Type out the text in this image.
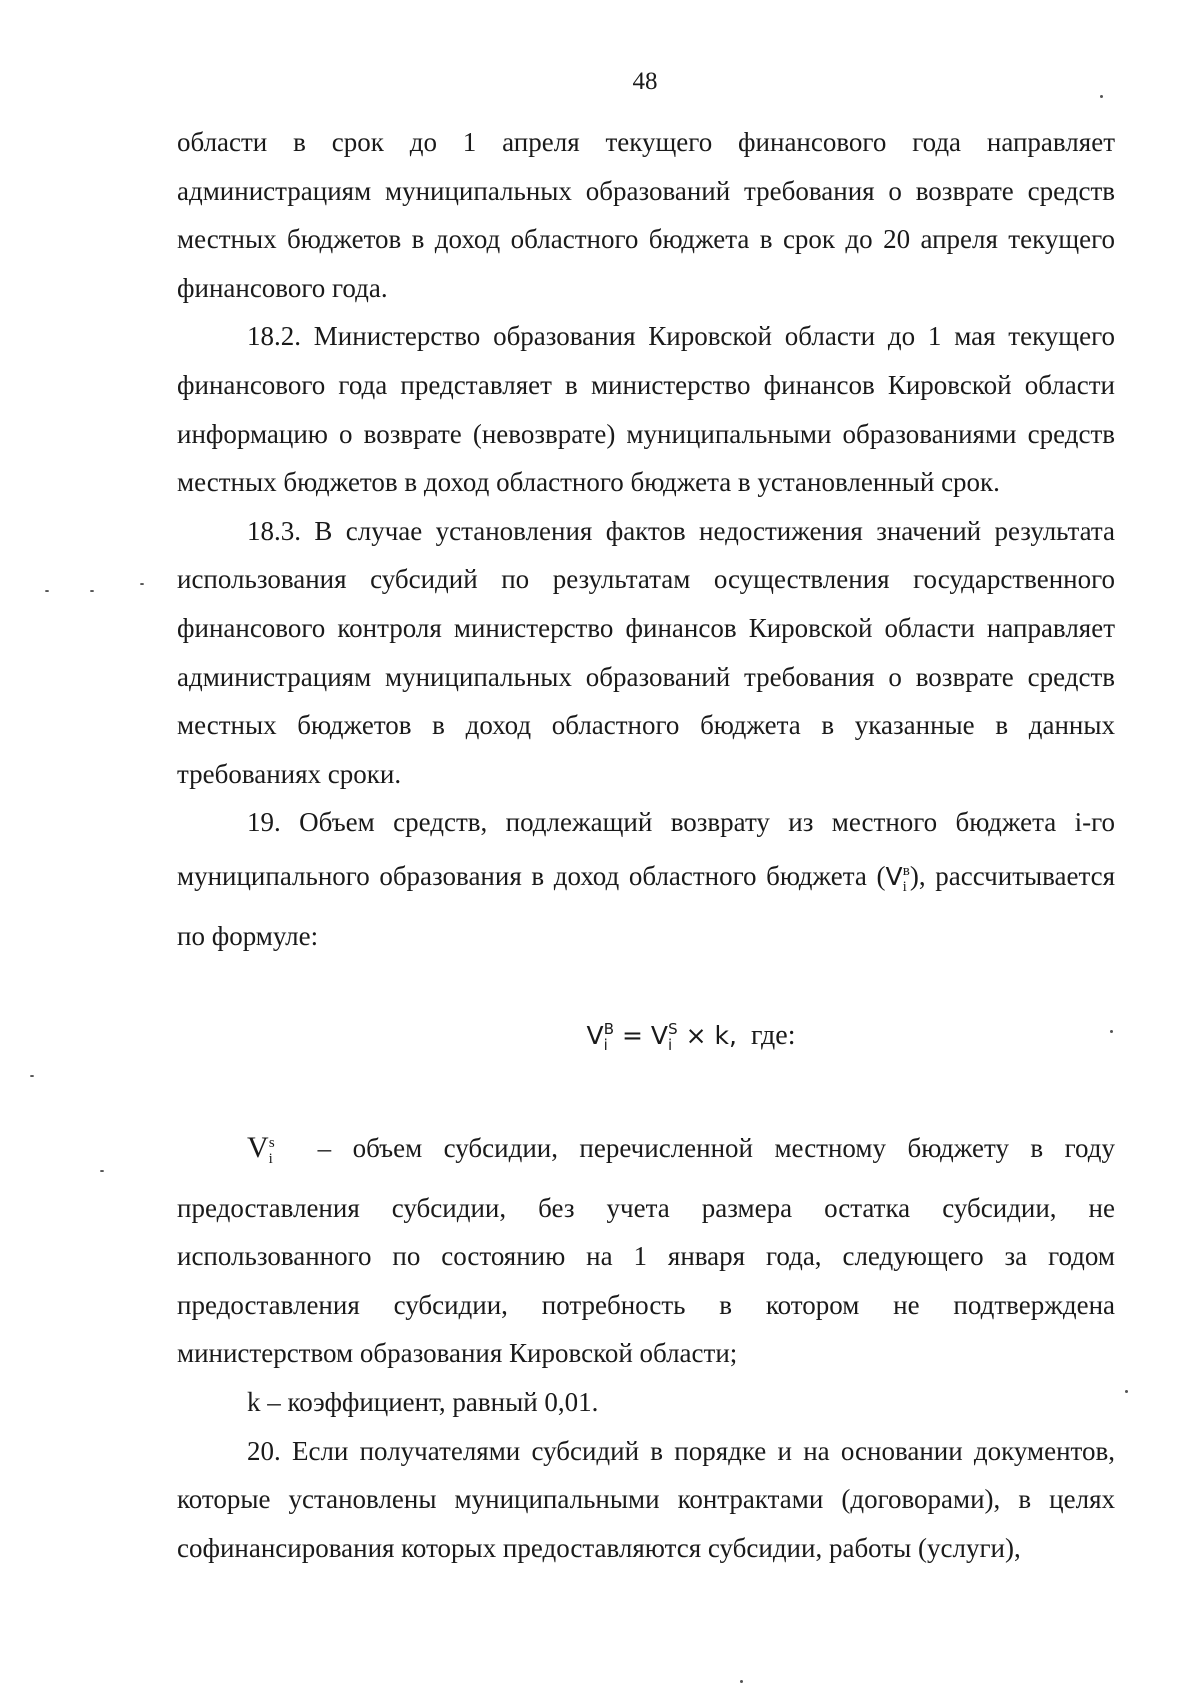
48

области в срок до 1 апреля текущего финансового года направляет администрациям муниципальных образований требования о возврате средств местных бюджетов в доход областного бюджета в срок до 20 апреля текущего финансового года.

18.2. Министерство образования Кировской области до 1 мая текущего финансового года представляет в министерство финансов Кировской области информацию о возврате (невозврате) муниципальными образованиями средств местных бюджетов в доход областного бюджета в установленный срок.

18.3. В случае установления фактов недостижения значений результата использования субсидий по результатам осуществления государственного финансового контроля министерство финансов Кировской области направляет администрациям муниципальных образований требования о возврате средств местных бюджетов в доход областного бюджета в указанные в данных требованиях сроки.

19. Объем средств, подлежащий возврату из местного бюджета i-го муниципального образования в доход областного бюджета $(V_i^в)$, рассчитывается по формуле:

$V_i^B = V_i^S \times k$, где:

$V_i^s$ – объем субсидии, перечисленной местному бюджету в году предоставления субсидии, без учета размера остатка субсидии, не использованного по состоянию на 1 января года, следующего за годом предоставления субсидии, потребность в котором не подтверждена министерством образования Кировской области;

k – коэффициент, равный 0,01.

20. Если получателями субсидий в порядке и на основании документов, которые установлены муниципальными контрактами (договорами), в целях софинансирования которых предоставляются субсидии, работы (услуги),
